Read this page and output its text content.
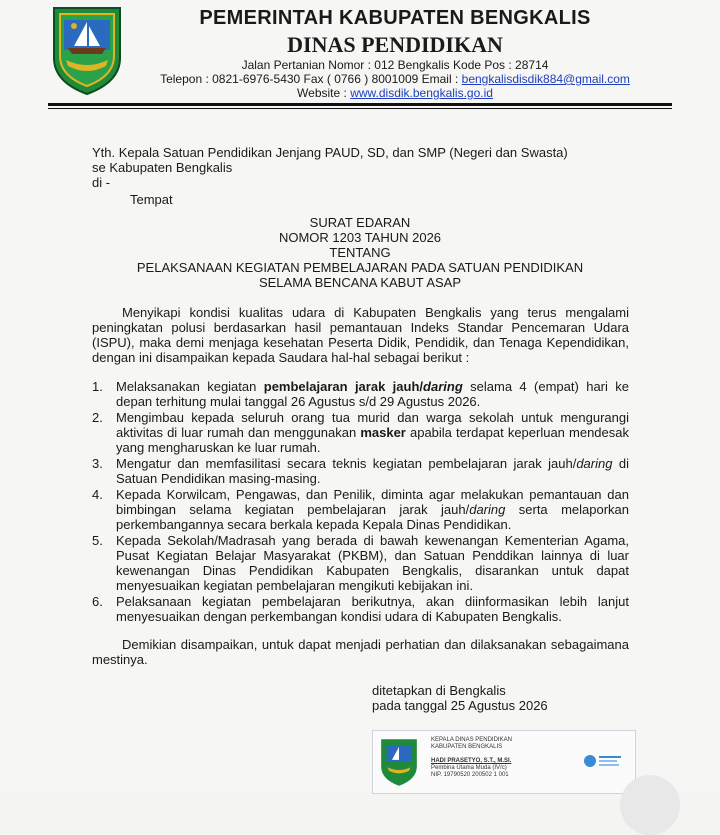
PEMERINTAH KABUPATEN BENGKALIS
DINAS PENDIDIKAN
Jalan Pertanian Nomor : 012 Bengkalis Kode Pos : 28714
Telepon : 0821-6976-5430 Fax ( 0766 ) 8001009 Email : bengkalisdisdik884@gmail.com
Website : www.disdik.bengkalis.go.id
Yth. Kepala Satuan Pendidikan Jenjang PAUD, SD, dan SMP (Negeri dan Swasta)
se Kabupaten Bengkalis
di -
Tempat
SURAT EDARAN
NOMOR 1203 TAHUN 2026
TENTANG
PELAKSANAAN KEGIATAN PEMBELAJARAN PADA SATUAN PENDIDIKAN
SELAMA BENCANA KABUT ASAP
Menyikapi kondisi kualitas udara di Kabupaten Bengkalis yang terus mengalami peningkatan polusi berdasarkan hasil pemantauan Indeks Standar Pencemaran Udara (ISPU), maka demi menjaga kesehatan Peserta Didik, Pendidik, dan Tenaga Kependidikan, dengan ini disampaikan kepada Saudara hal-hal sebagai berikut :
1. Melaksanakan kegiatan pembelajaran jarak jauh/daring selama 4 (empat) hari ke depan terhitung mulai tanggal 26 Agustus s/d 29 Agustus 2026.
2. Mengimbau kepada seluruh orang tua murid dan warga sekolah untuk mengurangi aktivitas di luar rumah dan menggunakan masker apabila terdapat keperluan mendesak yang mengharuskan ke luar rumah.
3. Mengatur dan memfasilitasi secara teknis kegiatan pembelajaran jarak jauh/daring di Satuan Pendidikan masing-masing.
4. Kepada Korwilcam, Pengawas, dan Penilik, diminta agar melakukan pemantauan dan bimbingan selama kegiatan pembelajaran jarak jauh/daring serta melaporkan perkembangannya secara berkala kepada Kepala Dinas Pendidikan.
5. Kepada Sekolah/Madrasah yang berada di bawah kewenangan Kementerian Agama, Pusat Kegiatan Belajar Masyarakat (PKBM), dan Satuan Penddikan lainnya di luar kewenangan Dinas Pendidikan Kabupaten Bengkalis, disarankan untuk dapat menyesuaikan kegiatan pembelajaran mengikuti kebijakan ini.
6. Pelaksanaan kegiatan pembelajaran berikutnya, akan diinformasikan lebih lanjut menyesuaikan dengan perkembangan kondisi udara di Kabupaten Bengkalis.
Demikian disampaikan, untuk dapat menjadi perhatian dan dilaksanakan sebagaimana mestinya.
ditetapkan di Bengkalis
pada tanggal 25 Agustus 2026
KEPALA DINAS PENDIDIKAN
KABUPATEN BENGKALIS
HADI PRASETYO, S.T., M.SI.
Pembina Utama Muda (IV/c)
NIP. 19790520 200502 1 001
